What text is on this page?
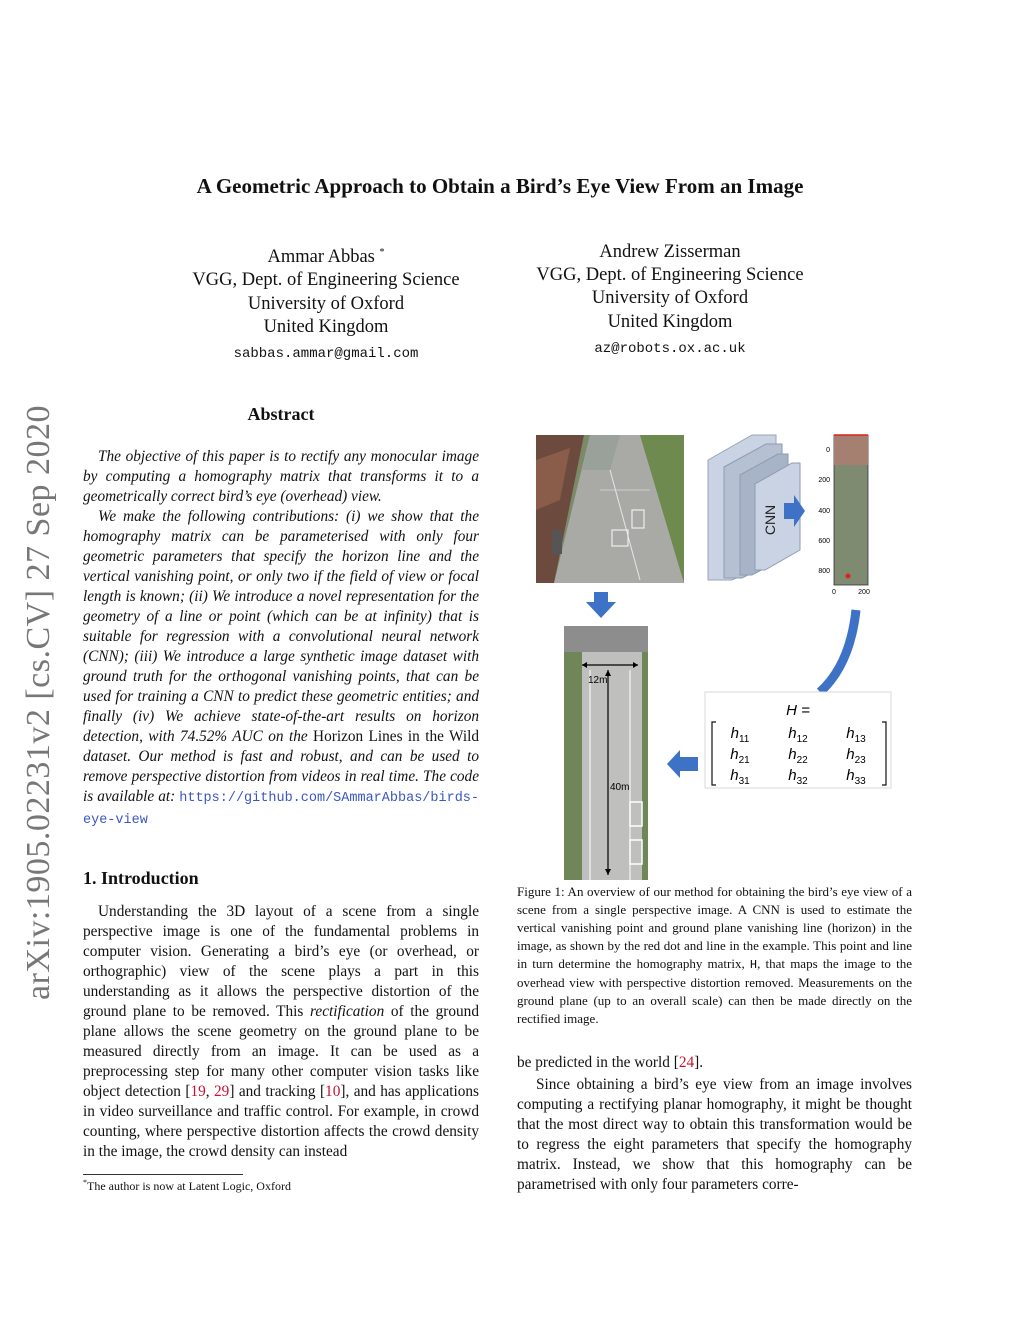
A Geometric Approach to Obtain a Bird’s Eye View From an Image
arXiv:1905.02231v2 [cs.CV] 27 Sep 2020
Ammar Abbas *
VGG, Dept. of Engineering Science
University of Oxford
United Kingdom
sabbas.ammar@gmail.com
Andrew Zisserman
VGG, Dept. of Engineering Science
University of Oxford
United Kingdom
az@robots.ox.ac.uk
Abstract

The objective of this paper is to rectify any monocular image by computing a homography matrix that transforms it to a geometrically correct bird’s eye (overhead) view.

We make the following contributions: (i) we show that the homography matrix can be parameterised with only four geometric parameters that specify the horizon line and the vertical vanishing point, or only two if the field of view or focal length is known; (ii) We introduce a novel representation for the geometry of a line or point (which can be at infinity) that is suitable for regression with a convolutional neural network (CNN); (iii) We introduce a large synthetic image dataset with ground truth for the orthogonal vanishing points, that can be used for training a CNN to predict these geometric entities; and finally (iv) We achieve state-of-the-art results on horizon detection, with 74.52% AUC on the Horizon Lines in the Wild dataset. Our method is fast and robust, and can be used to remove perspective distortion from videos in real time. The code is available at: https://github.com/SAmmarAbbas/birds-eye-view

1. Introduction

Understanding the 3D layout of a scene from a single perspective image is one of the fundamental problems in computer vision. Generating a bird’s eye (or overhead, or orthographic) view of the scene plays a part in this understanding as it allows the perspective distortion of the ground plane to be removed. This rectification of the ground plane allows the scene geometry on the ground plane to be measured directly from an image. It can be used as a preprocessing step for many other computer vision tasks like object detection [19, 29] and tracking [10], and has applications in video surveillance and traffic control. For example, in crowd counting, where perspective distortion affects the crowd density in the image, the crowd density can instead

*The author is now at Latent Logic, Oxford
CNN
0
200
400
600
800
0	200
12m
40m
H =
$h_{11}$	$h_{12}$	$h_{13}$
$h_{21}$	$h_{22}$	$h_{23}$
$h_{31}$	$h_{32}$	$h_{33}$
Figure 1: An overview of our method for obtaining the bird’s eye view of a scene from a single perspective image. A CNN is used to estimate the vertical vanishing point and ground plane vanishing line (horizon) in the image, as shown by the red dot and line in the example. This point and line in turn determine the homography matrix, H, that maps the image to the overhead view with perspective distortion removed. Measurements on the ground plane (up to an overall scale) can then be made directly on the rectified image.

be predicted in the world [24].

Since obtaining a bird’s eye view from an image involves computing a rectifying planar homography, it might be thought that the most direct way to obtain this transformation would be to regress the eight parameters that specify the homography matrix. Instead, we show that this homography can be parametrised with only four parameters corre-
